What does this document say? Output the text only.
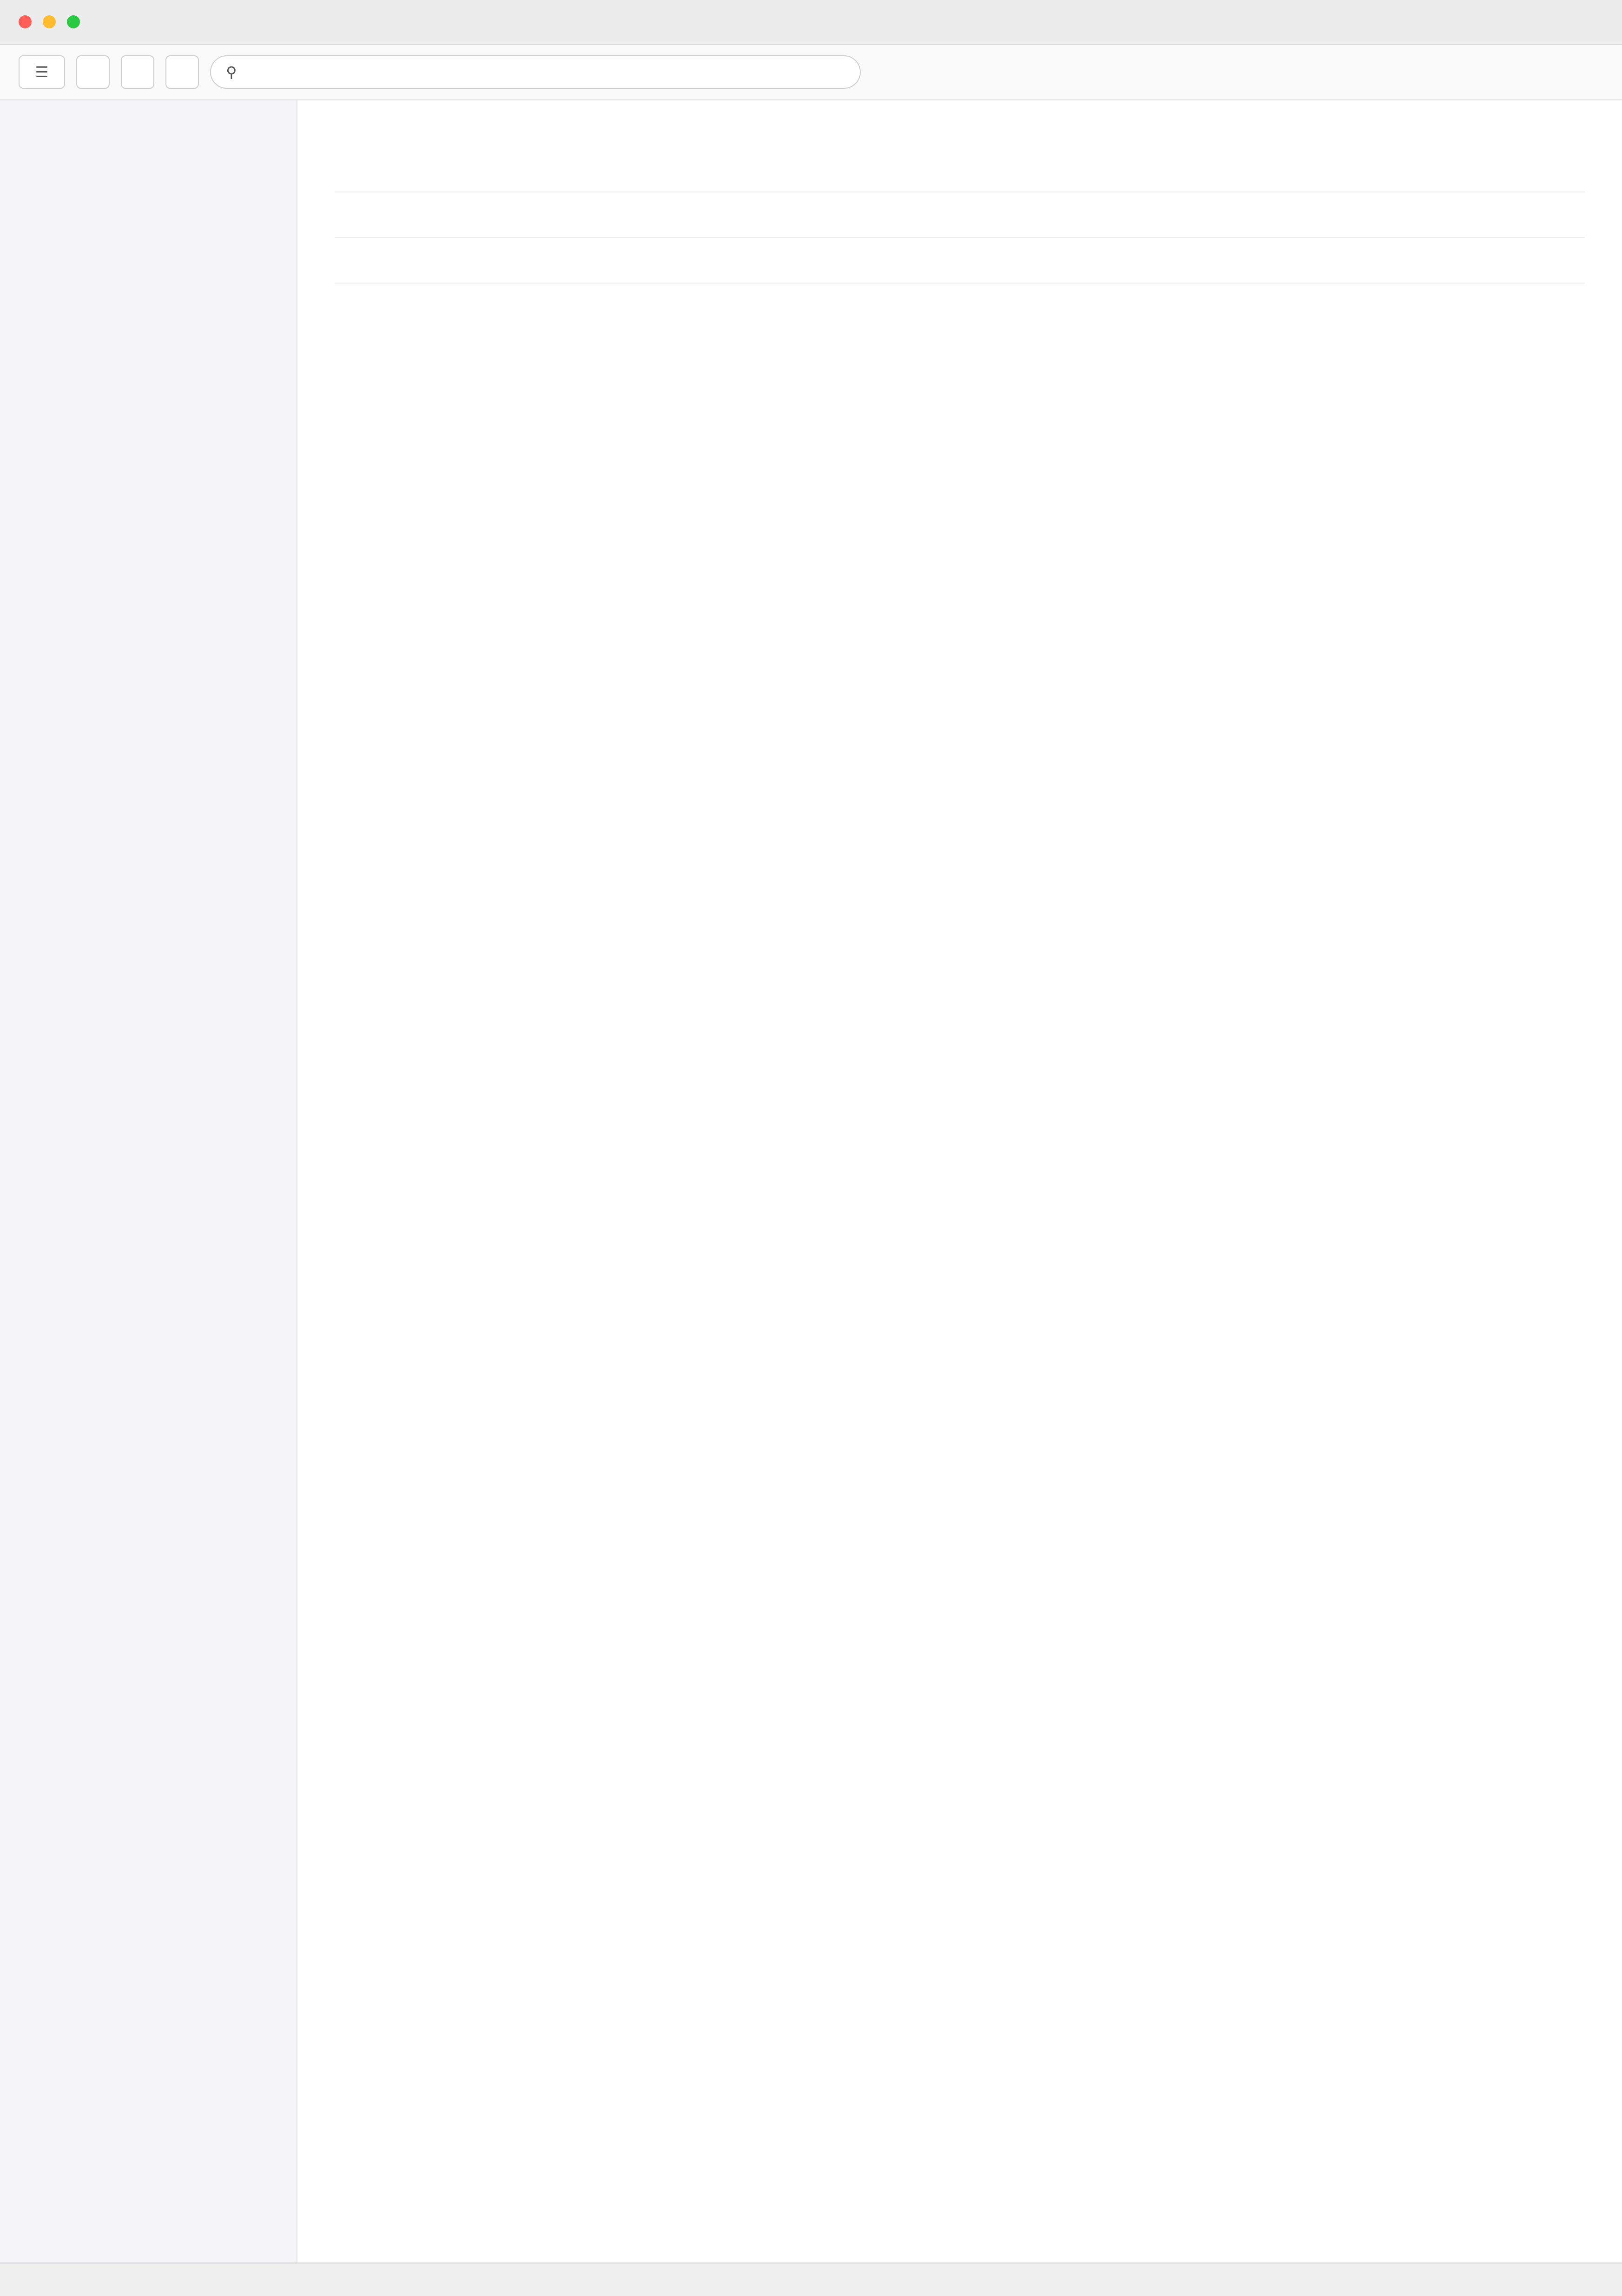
☰	⚲
